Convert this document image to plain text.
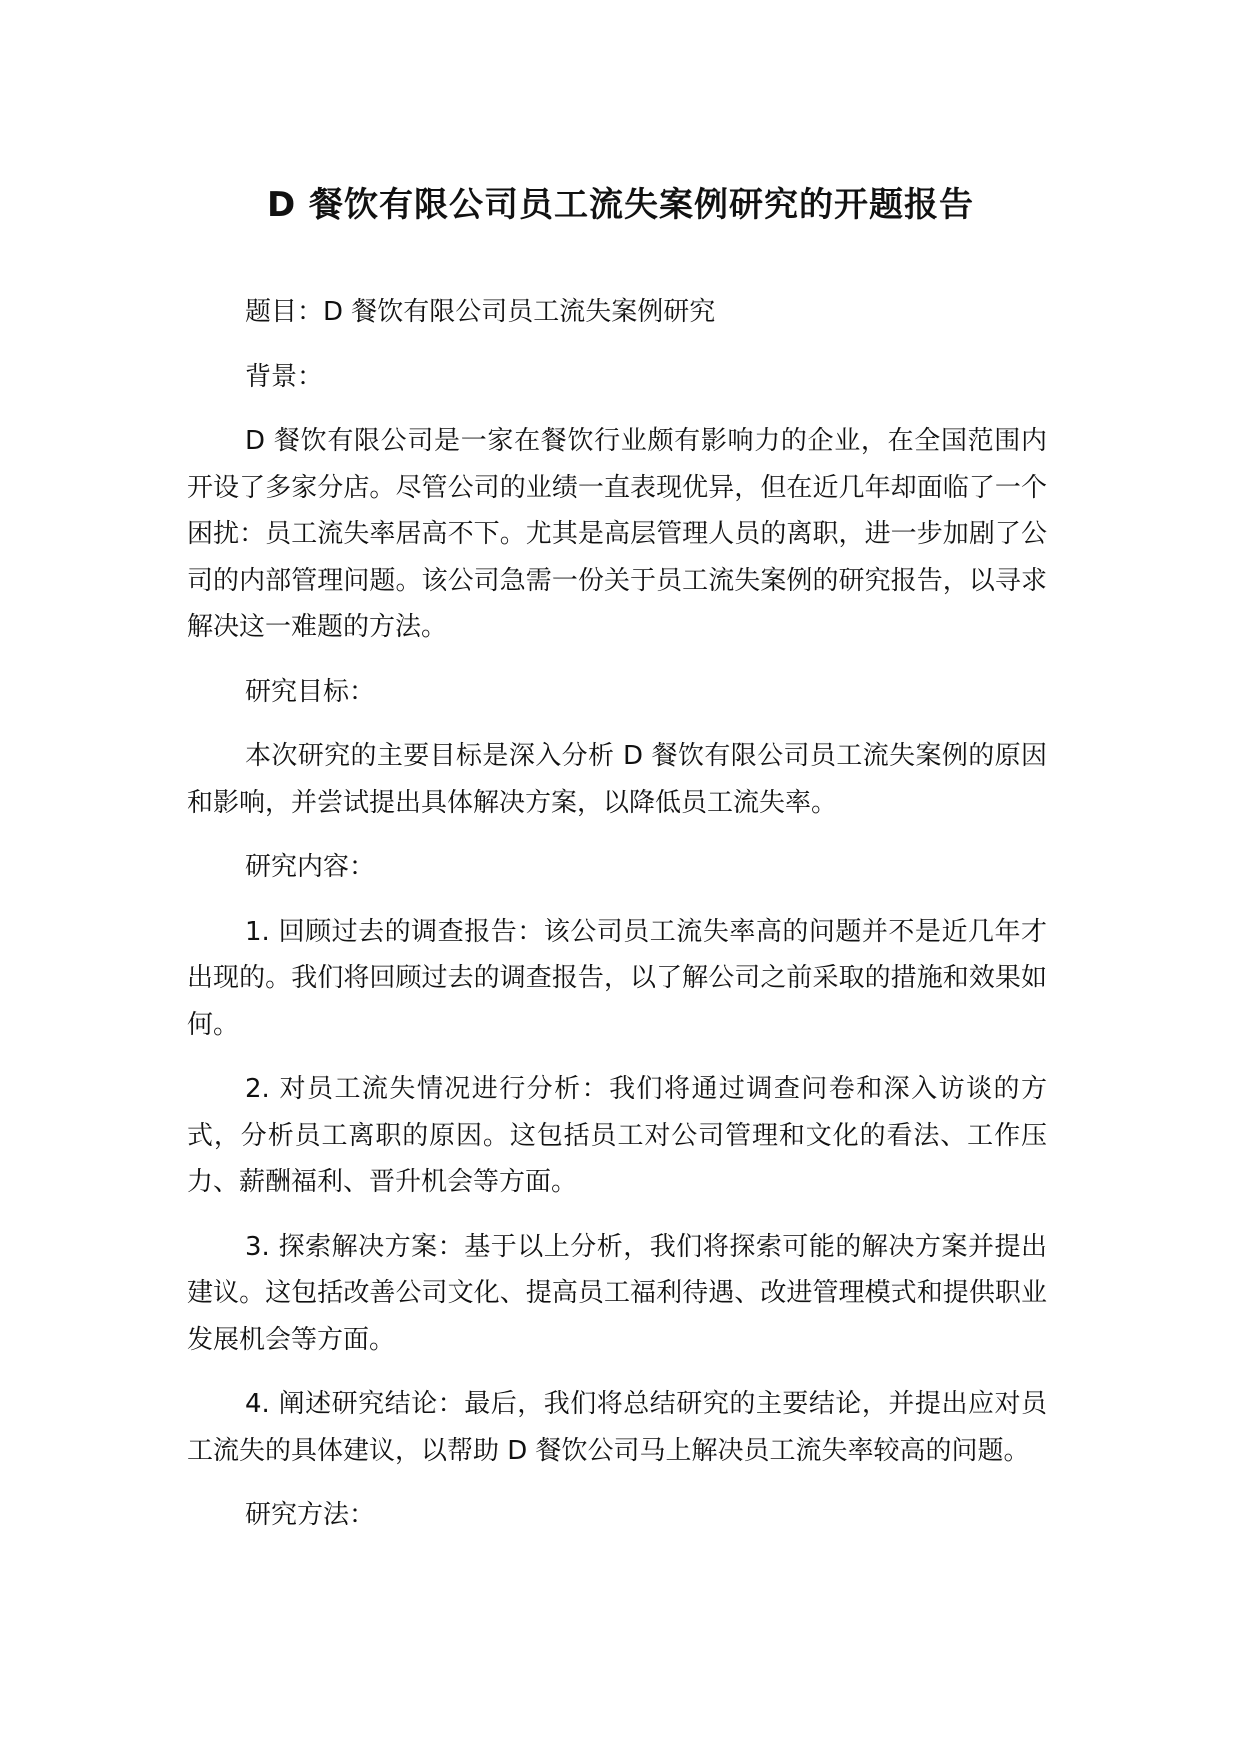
D 餐饮有限公司员工流失案例研究的开题报告

题目：D 餐饮有限公司员工流失案例研究

背景：

D 餐饮有限公司是一家在餐饮行业颇有影响力的企业，在全国范围内开设了多家分店。尽管公司的业绩一直表现优异，但在近几年却面临了一个困扰：员工流失率居高不下。尤其是高层管理人员的离职，进一步加剧了公司的内部管理问题。该公司急需一份关于员工流失案例的研究报告，以寻求解决这一难题的方法。

研究目标：

本次研究的主要目标是深入分析 D 餐饮有限公司员工流失案例的原因和影响，并尝试提出具体解决方案，以降低员工流失率。

研究内容：

1. 回顾过去的调查报告：该公司员工流失率高的问题并不是近几年才出现的。我们将回顾过去的调查报告，以了解公司之前采取的措施和效果如何。

2. 对员工流失情况进行分析：我们将通过调查问卷和深入访谈的方式，分析员工离职的原因。这包括员工对公司管理和文化的看法、工作压力、薪酬福利、晋升机会等方面。

3. 探索解决方案：基于以上分析，我们将探索可能的解决方案并提出建议。这包括改善公司文化、提高员工福利待遇、改进管理模式和提供职业发展机会等方面。

4. 阐述研究结论：最后，我们将总结研究的主要结论，并提出应对员工流失的具体建议，以帮助 D 餐饮公司马上解决员工流失率较高的问题。

研究方法：
